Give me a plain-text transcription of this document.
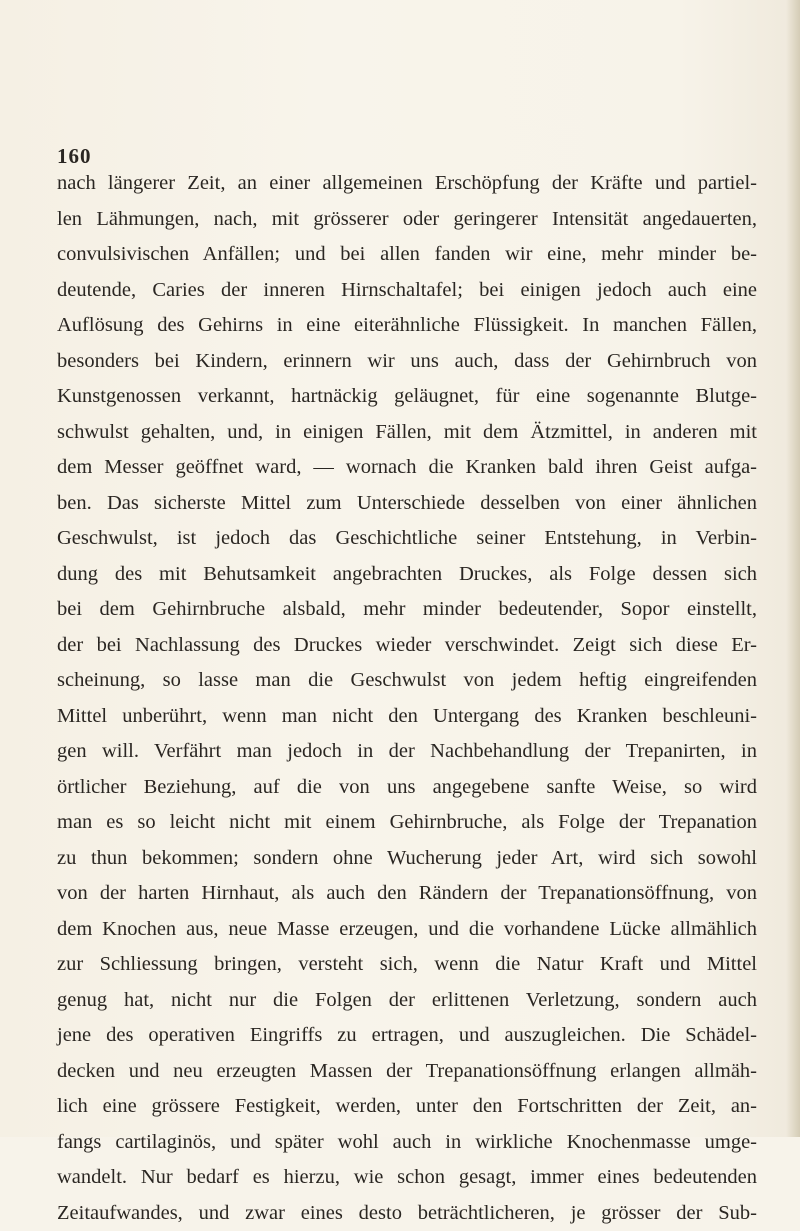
160
nach längerer Zeit, an einer allgemeinen Erschöpfung der Kräfte und partiel-
len Lähmungen, nach, mit grösserer oder geringerer Intensität angedauerten,
convulsivischen Anfällen; und bei allen fanden wir eine, mehr minder be-
deutende, Caries der inneren Hirnschaltafel; bei einigen jedoch auch eine
Auflösung des Gehirns in eine eiterähnliche Flüssigkeit. In manchen Fällen,
besonders bei Kindern, erinnern wir uns auch, dass der Gehirnbruch von
Kunstgenossen verkannt, hartnäckig geläugnet, für eine sogenannte Blutge-
schwulst gehalten, und, in einigen Fällen, mit dem Ätzmittel, in anderen mit
dem Messer geöffnet ward, — wornach die Kranken bald ihren Geist aufga-
ben. Das sicherste Mittel zum Unterschiede desselben von einer ähnlichen
Geschwulst, ist jedoch das Geschichtliche seiner Entstehung, in Verbin-
dung des mit Behutsamkeit angebrachten Druckes, als Folge dessen sich
bei dem Gehirnbruche alsbald, mehr minder bedeutender, Sopor einstellt,
der bei Nachlassung des Druckes wieder verschwindet. Zeigt sich diese Er-
scheinung, so lasse man die Geschwulst von jedem heftig eingreifenden
Mittel unberührt, wenn man nicht den Untergang des Kranken beschleuni-
gen will. Verfährt man jedoch in der Nachbehandlung der Trepanirten, in
örtlicher Beziehung, auf die von uns angegebene sanfte Weise, so wird
man es so leicht nicht mit einem Gehirnbruche, als Folge der Trepanation
zu thun bekommen; sondern ohne Wucherung jeder Art, wird sich sowohl
von der harten Hirnhaut, als auch den Rändern der Trepanationsöffnung, von
dem Knochen aus, neue Masse erzeugen, und die vorhandene Lücke allmählich
zur Schliessung bringen, versteht sich, wenn die Natur Kraft und Mittel
genug hat, nicht nur die Folgen der erlittenen Verletzung, sondern auch
jene des operativen Eingriffs zu ertragen, und auszugleichen. Die Schädel-
decken und neu erzeugten Massen der Trepanationsöffnung erlangen allmäh-
lich eine grössere Festigkeit, werden, unter den Fortschritten der Zeit, an-
fangs cartilaginös, und später wohl auch in wirkliche Knochenmasse umge-
wandelt. Nur bedarf es hierzu, wie schon gesagt, immer eines bedeutenden
Zeitaufwandes, und zwar eines desto beträchtlicheren, je grösser der Sub-
